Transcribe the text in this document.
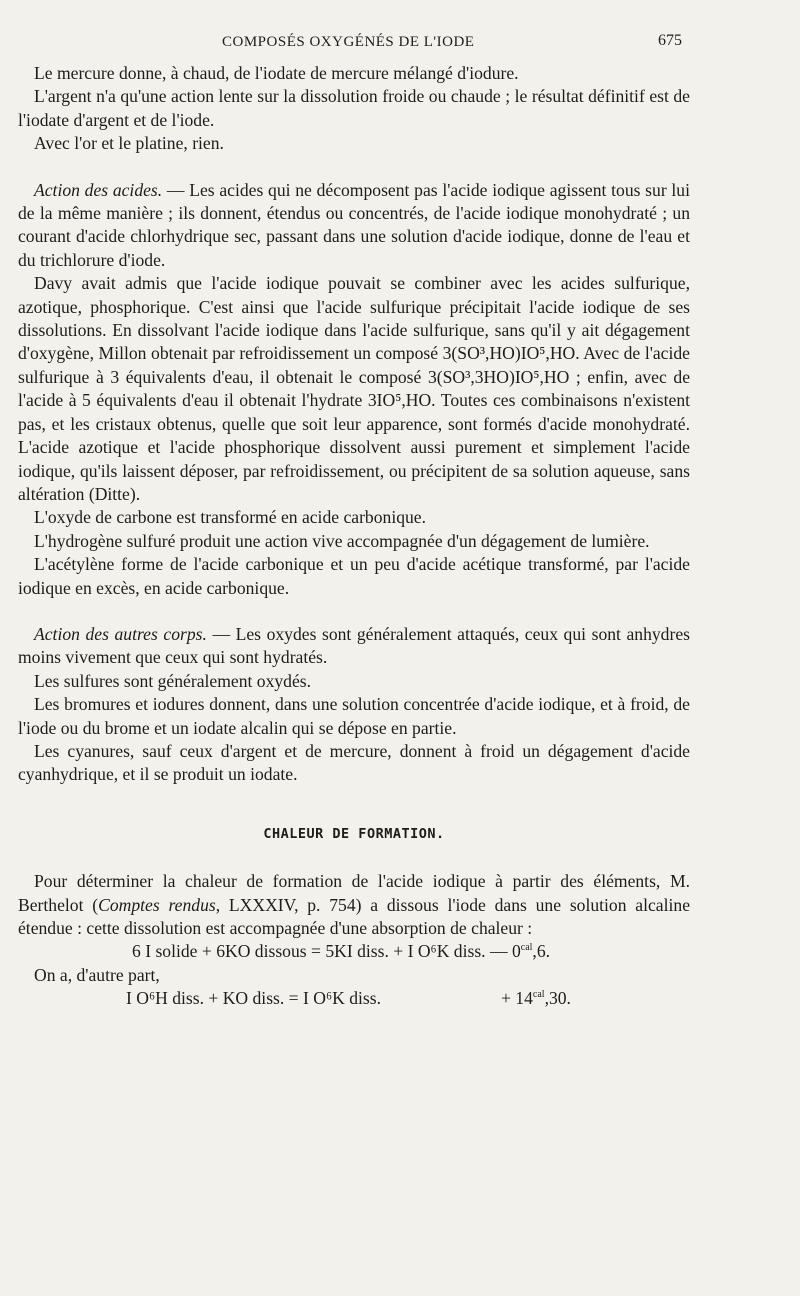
COMPOSÉS OXYGÉNÉS DE L'IODE	675

Le mercure donne, à chaud, de l'iodate de mercure mélangé d'iodure.

L'argent n'a qu'une action lente sur la dissolution froide ou chaude ; le résultat définitif est de l'iodate d'argent et de l'iode.

Avec l'or et le platine, rien.

Action des acides. — Les acides qui ne décomposent pas l'acide iodique agissent tous sur lui de la même manière ; ils donnent, étendus ou concentrés, de l'acide iodique monohydraté ; un courant d'acide chlorhydrique sec, passant dans une solution d'acide iodique, donne de l'eau et du trichlorure d'iode.

Davy avait admis que l'acide iodique pouvait se combiner avec les acides sulfurique, azotique, phosphorique. C'est ainsi que l'acide sulfurique précipitait l'acide iodique de ses dissolutions. En dissolvant l'acide iodique dans l'acide sulfurique, sans qu'il y ait dégagement d'oxygène, Millon obtenait par refroidissement un composé 3(SO³,HO)IO⁵,HO. Avec de l'acide sulfurique à 3 équivalents d'eau, il obtenait le composé 3(SO³,3HO)IO⁵,HO ; enfin, avec de l'acide à 5 équivalents d'eau il obtenait l'hydrate 3IO⁵,HO. Toutes ces combinaisons n'existent pas, et les cristaux obtenus, quelle que soit leur apparence, sont formés d'acide monohydraté. L'acide azotique et l'acide phosphorique dissolvent aussi purement et simplement l'acide iodique, qu'ils laissent déposer, par refroidissement, ou précipitent de sa solution aqueuse, sans altération (Ditte).

L'oxyde de carbone est transformé en acide carbonique.

L'hydrogène sulfuré produit une action vive accompagnée d'un dégagement de lumière.

L'acétylène forme de l'acide carbonique et un peu d'acide acétique transformé, par l'acide iodique en excès, en acide carbonique.

Action des autres corps. — Les oxydes sont généralement attaqués, ceux qui sont anhydres moins vivement que ceux qui sont hydratés.

Les sulfures sont généralement oxydés.

Les bromures et iodures donnent, dans une solution concentrée d'acide iodique, et à froid, de l'iode ou du brome et un iodate alcalin qui se dépose en partie.

Les cyanures, sauf ceux d'argent et de mercure, donnent à froid un dégagement d'acide cyanhydrique, et il se produit un iodate.

CHALEUR DE FORMATION.

Pour déterminer la chaleur de formation de l'acide iodique à partir des éléments, M. Berthelot (Comptes rendus, LXXXIV, p. 754) a dissous l'iode dans une solution alcaline étendue : cette dissolution est accompagnée d'une absorption de chaleur :

6 I solide + 6KO dissous = 5KI diss. + I O⁶K diss. — $0^{cal},6$.

On a, d'autre part,

I O⁶H diss. + KO diss. = I O⁶K diss.	+ $14^{cal},30$.
